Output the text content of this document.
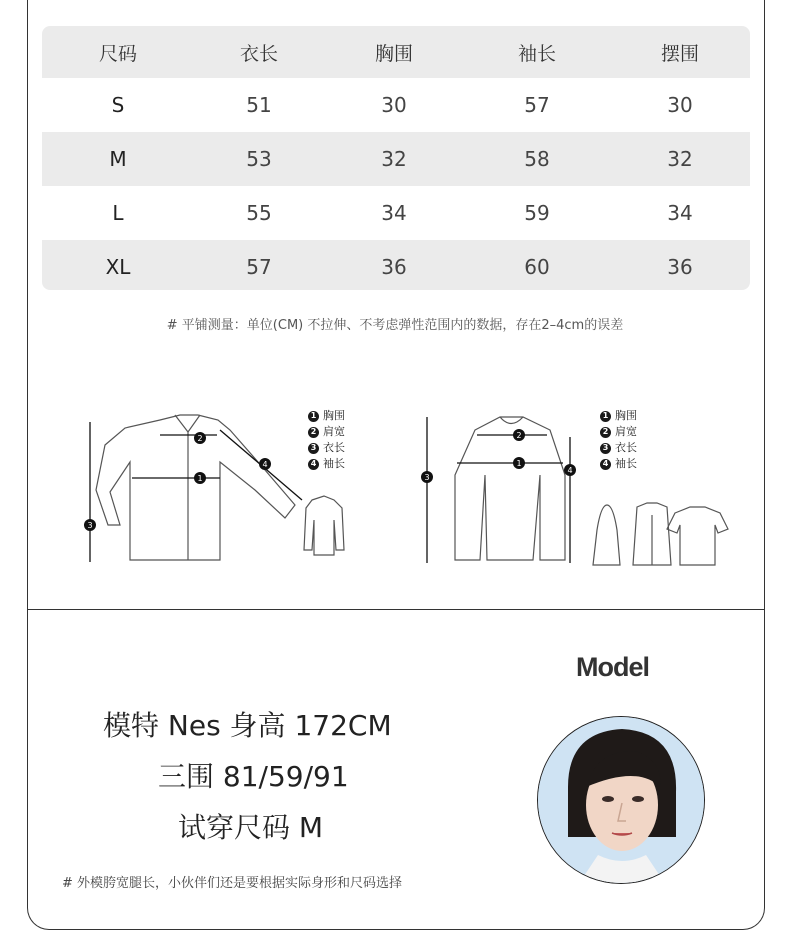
尺码	衣长	胸围	袖长	摆围
S	51	30	57	30
M	53	32	58	32
L	55	34	59	34
XL	57	36	60	36
# 平铺测量：单位(CM) 不拉伸、不考虑弹性范围内的数据，存在2–4cm的误差
1
2
3
4
1 胸围
2 肩宽
3 衣长
4 袖长	1
2
3
4
1 胸围
2 肩宽
3 衣长
4 袖长
Model
模特 Nes 身高 172CM
三围 81/59/91
试穿尺码 M
# 外模胯宽腿长，小伙伴们还是要根据实际身形和尺码选择
